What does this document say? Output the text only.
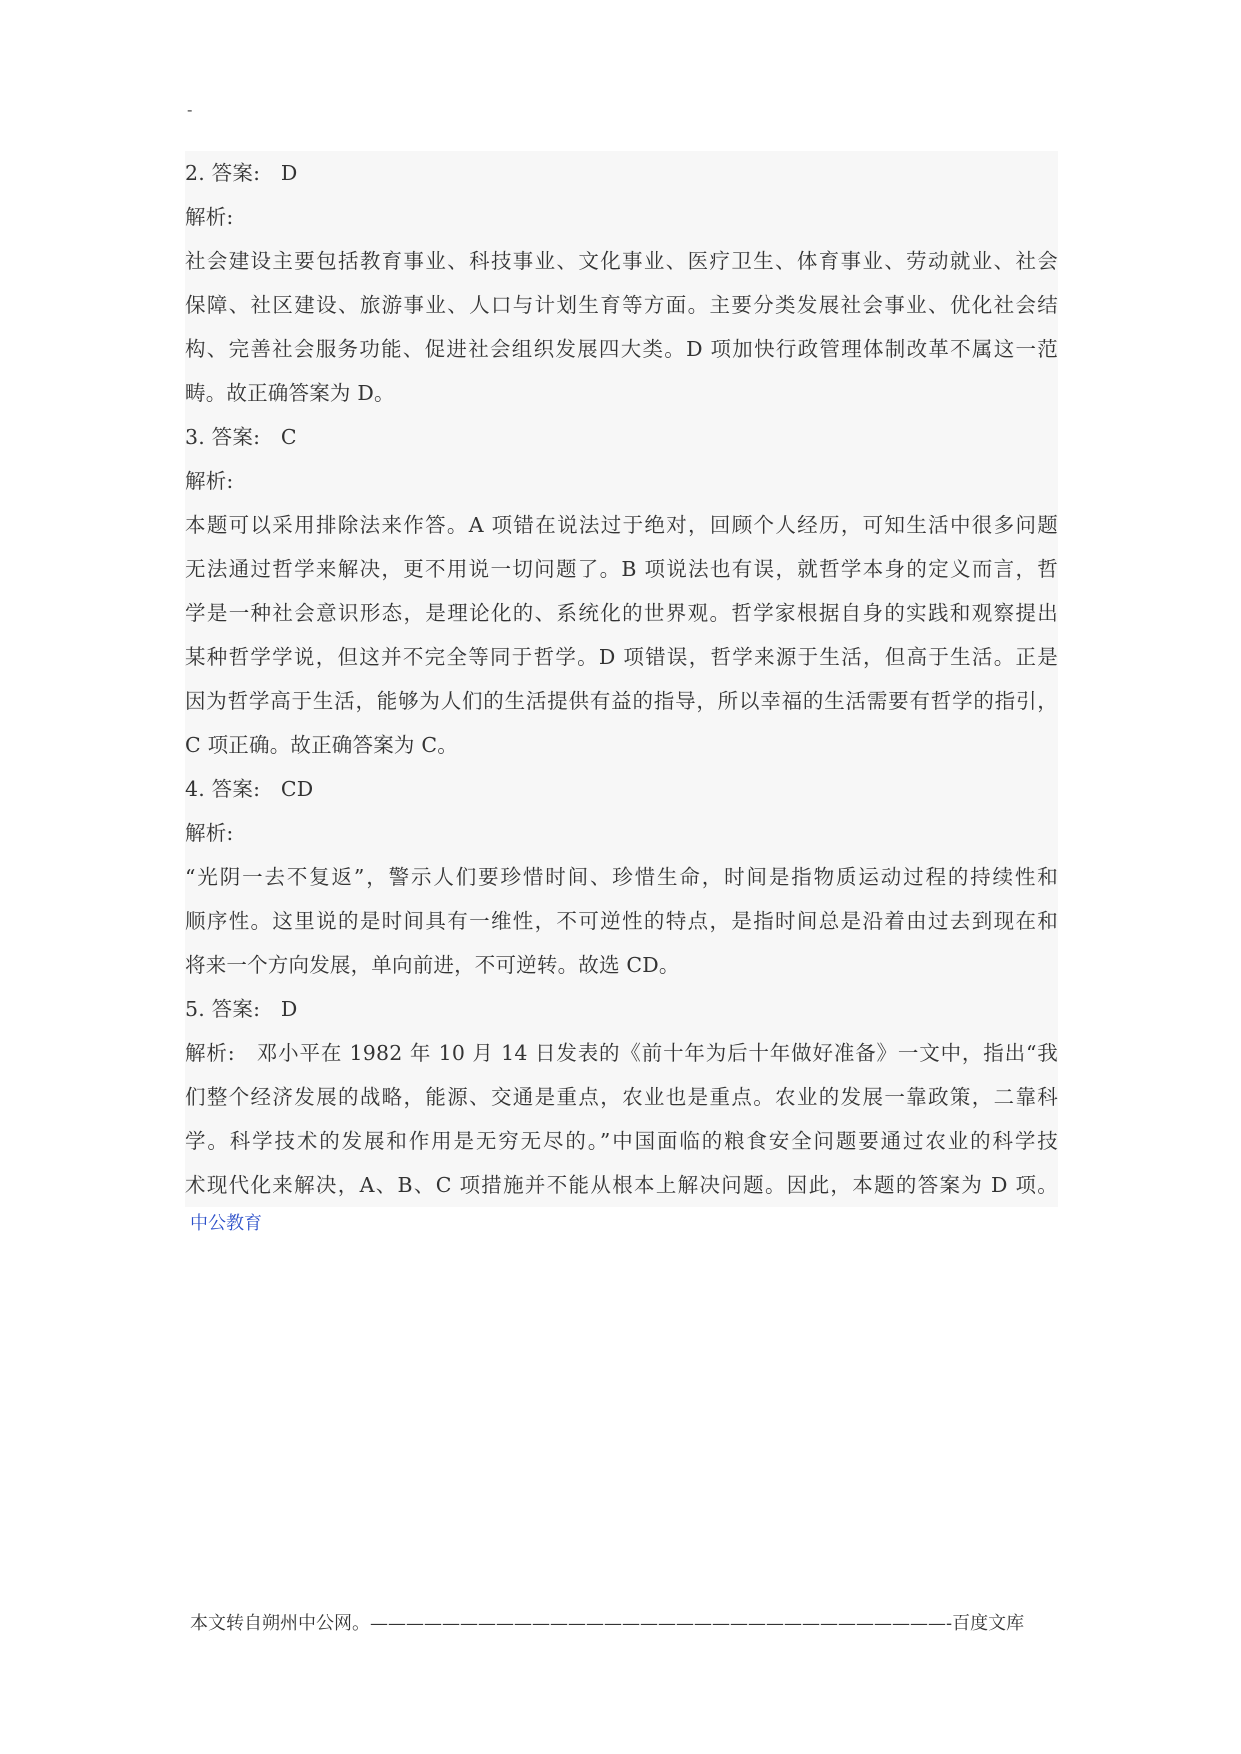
-
2. 答案:　D
解析:
社会建设主要包括教育事业、科技事业、文化事业、医疗卫生、体育事业、劳动就业、社会
保障、社区建设、旅游事业、人口与计划生育等方面。主要分类发展社会事业、优化社会结
构、完善社会服务功能、促进社会组织发展四大类。D 项加快行政管理体制改革不属这一范
畴。故正确答案为 D。
3. 答案:　C
解析:
本题可以采用排除法来作答。A 项错在说法过于绝对，回顾个人经历，可知生活中很多问题
无法通过哲学来解决，更不用说一切问题了。B 项说法也有误，就哲学本身的定义而言，哲
学是一种社会意识形态，是理论化的、系统化的世界观。哲学家根据自身的实践和观察提出
某种哲学学说，但这并不完全等同于哲学。D 项错误，哲学来源于生活，但高于生活。正是
因为哲学高于生活，能够为人们的生活提供有益的指导，所以幸福的生活需要有哲学的指引，
C 项正确。故正确答案为 C。
4. 答案:　CD
解析:
“光阴一去不复返”，警示人们要珍惜时间、珍惜生命，时间是指物质运动过程的持续性和
顺序性。这里说的是时间具有一维性，不可逆性的特点，是指时间总是沿着由过去到现在和
将来一个方向发展，单向前进，不可逆转。故选 CD。
5. 答案:　D
解析:　邓小平在 1982 年 10 月 14 日发表的《前十年为后十年做好准备》一文中，指出“我
们整个经济发展的战略，能源、交通是重点，农业也是重点。农业的发展一靠政策，二靠科
学。科学技术的发展和作用是无穷无尽的。”中国面临的粮食安全问题要通过农业的科学技
术现代化来解决，A、B、C 项措施并不能从根本上解决问题。因此，本题的答案为 D 项。
中公教育
本文转自朔州中公网。————————————————————————————————-百度文库
